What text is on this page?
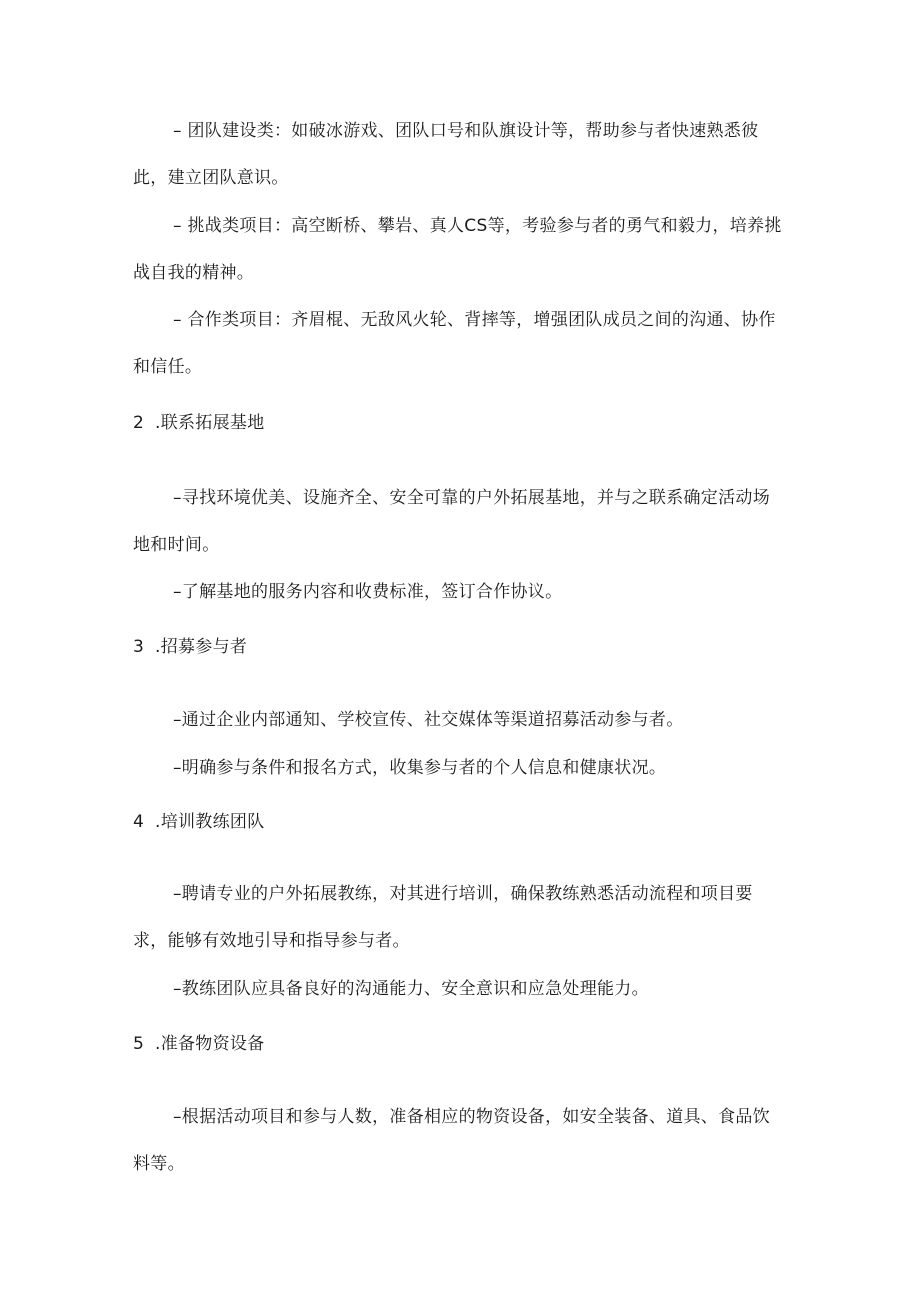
– 团队建设类：如破冰游戏、团队口号和队旗设计等，帮助参与者快速熟悉彼此，建立团队意识。

– 挑战类项目：高空断桥、攀岩、真人CS等，考验参与者的勇气和毅力，培养挑战自我的精神。

– 合作类项目：齐眉棍、无敌风火轮、背摔等，增强团队成员之间的沟通、协作和信任。

2 .联系拓展基地

–寻找环境优美、设施齐全、安全可靠的户外拓展基地，并与之联系确定活动场地和时间。

–了解基地的服务内容和收费标准，签订合作协议。

3 .招募参与者

–通过企业内部通知、学校宣传、社交媒体等渠道招募活动参与者。

–明确参与条件和报名方式，收集参与者的个人信息和健康状况。

4 .培训教练团队

–聘请专业的户外拓展教练，对其进行培训，确保教练熟悉活动流程和项目要求，能够有效地引导和指导参与者。

–教练团队应具备良好的沟通能力、安全意识和应急处理能力。

5 .准备物资设备

–根据活动项目和参与人数，准备相应的物资设备，如安全装备、道具、食品饮料等。
